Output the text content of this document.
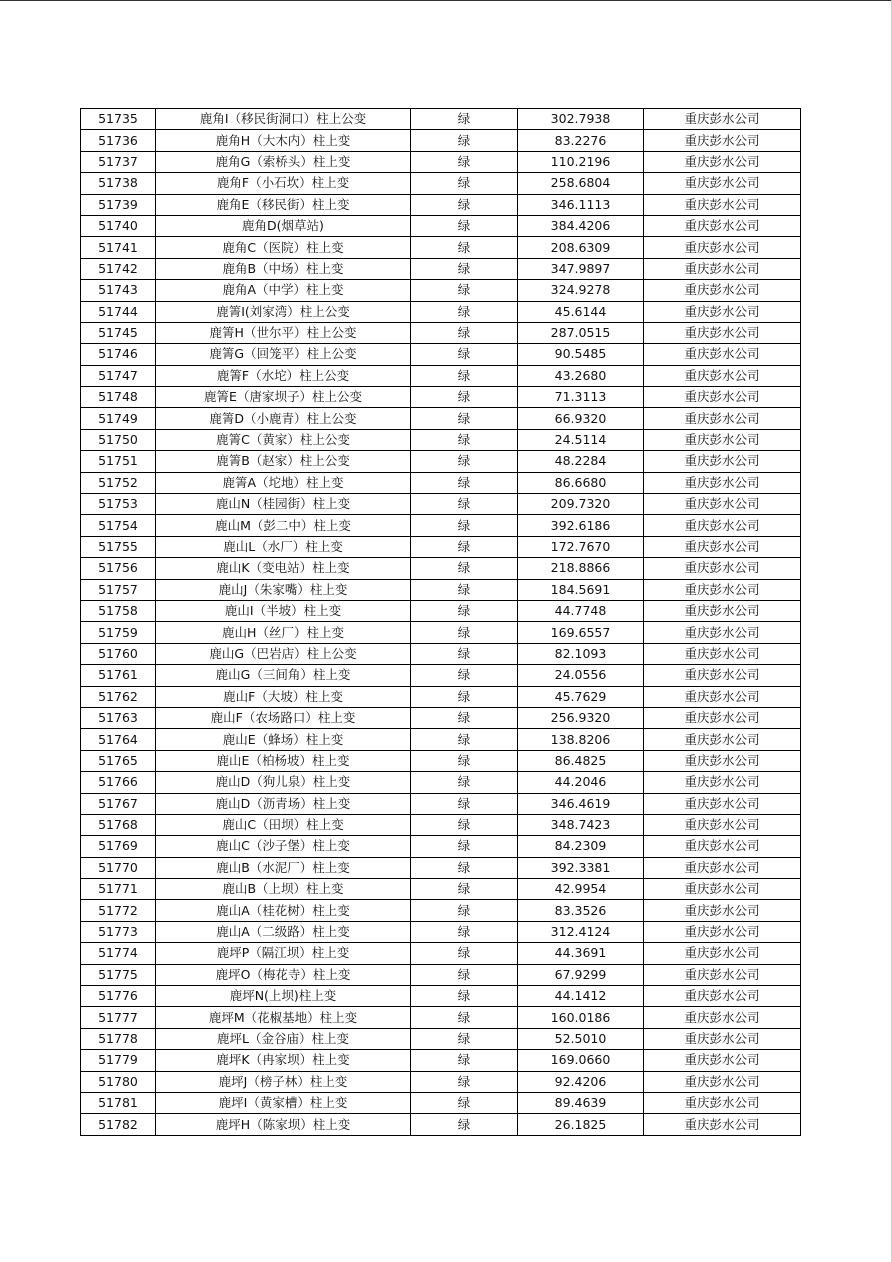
51735	鹿角I（移民街洞口）柱上公变	绿	302.7938	重庆彭水公司
51736	鹿角H（大木内）柱上变	绿	83.2276	重庆彭水公司
51737	鹿角G（索桥头）柱上变	绿	110.2196	重庆彭水公司
51738	鹿角F（小石坎）柱上变	绿	258.6804	重庆彭水公司
51739	鹿角E（移民街）柱上变	绿	346.1113	重庆彭水公司
51740	鹿角D(烟草站)	绿	384.4206	重庆彭水公司
51741	鹿角C（医院）柱上变	绿	208.6309	重庆彭水公司
51742	鹿角B（中场）柱上变	绿	347.9897	重庆彭水公司
51743	鹿角A（中学）柱上变	绿	324.9278	重庆彭水公司
51744	鹿箐I(刘家湾）柱上公变	绿	45.6144	重庆彭水公司
51745	鹿箐H（世尔平）柱上公变	绿	287.0515	重庆彭水公司
51746	鹿箐G（回笼平）柱上公变	绿	90.5485	重庆彭水公司
51747	鹿箐F（水坨）柱上公变	绿	43.2680	重庆彭水公司
51748	鹿箐E（唐家坝子）柱上公变	绿	71.3113	重庆彭水公司
51749	鹿箐D（小鹿青）柱上公变	绿	66.9320	重庆彭水公司
51750	鹿箐C（黄家）柱上公变	绿	24.5114	重庆彭水公司
51751	鹿箐B（赵家）柱上公变	绿	48.2284	重庆彭水公司
51752	鹿箐A（坨地）柱上变	绿	86.6680	重庆彭水公司
51753	鹿山N（桂园街）柱上变	绿	209.7320	重庆彭水公司
51754	鹿山M（彭二中）柱上变	绿	392.6186	重庆彭水公司
51755	鹿山L（水厂）柱上变	绿	172.7670	重庆彭水公司
51756	鹿山K（变电站）柱上变	绿	218.8866	重庆彭水公司
51757	鹿山J（朱家嘴）柱上变	绿	184.5691	重庆彭水公司
51758	鹿山I（半坡）柱上变	绿	44.7748	重庆彭水公司
51759	鹿山H（丝厂）柱上变	绿	169.6557	重庆彭水公司
51760	鹿山G（巴岩店）柱上公变	绿	82.1093	重庆彭水公司
51761	鹿山G（三间角）柱上变	绿	24.0556	重庆彭水公司
51762	鹿山F（大坡）柱上变	绿	45.7629	重庆彭水公司
51763	鹿山F（农场路口）柱上变	绿	256.9320	重庆彭水公司
51764	鹿山E（蜂场）柱上变	绿	138.8206	重庆彭水公司
51765	鹿山E（柏杨坡）柱上变	绿	86.4825	重庆彭水公司
51766	鹿山D（狗儿泉）柱上变	绿	44.2046	重庆彭水公司
51767	鹿山D（沥青场）柱上变	绿	346.4619	重庆彭水公司
51768	鹿山C（田坝）柱上变	绿	348.7423	重庆彭水公司
51769	鹿山C（沙子堡）柱上变	绿	84.2309	重庆彭水公司
51770	鹿山B（水泥厂）柱上变	绿	392.3381	重庆彭水公司
51771	鹿山B（上坝）柱上变	绿	42.9954	重庆彭水公司
51772	鹿山A（桂花树）柱上变	绿	83.3526	重庆彭水公司
51773	鹿山A（二级路）柱上变	绿	312.4124	重庆彭水公司
51774	鹿坪P（隔江坝）柱上变	绿	44.3691	重庆彭水公司
51775	鹿坪O（梅花寺）柱上变	绿	67.9299	重庆彭水公司
51776	鹿坪N(上坝)柱上变	绿	44.1412	重庆彭水公司
51777	鹿坪M（花椒基地）柱上变	绿	160.0186	重庆彭水公司
51778	鹿坪L（金谷庙）柱上变	绿	52.5010	重庆彭水公司
51779	鹿坪K（冉家坝）柱上变	绿	169.0660	重庆彭水公司
51780	鹿坪J（榜子林）柱上变	绿	92.4206	重庆彭水公司
51781	鹿坪I（黄家槽）柱上变	绿	89.4639	重庆彭水公司
51782	鹿坪H（陈家坝）柱上变	绿	26.1825	重庆彭水公司
